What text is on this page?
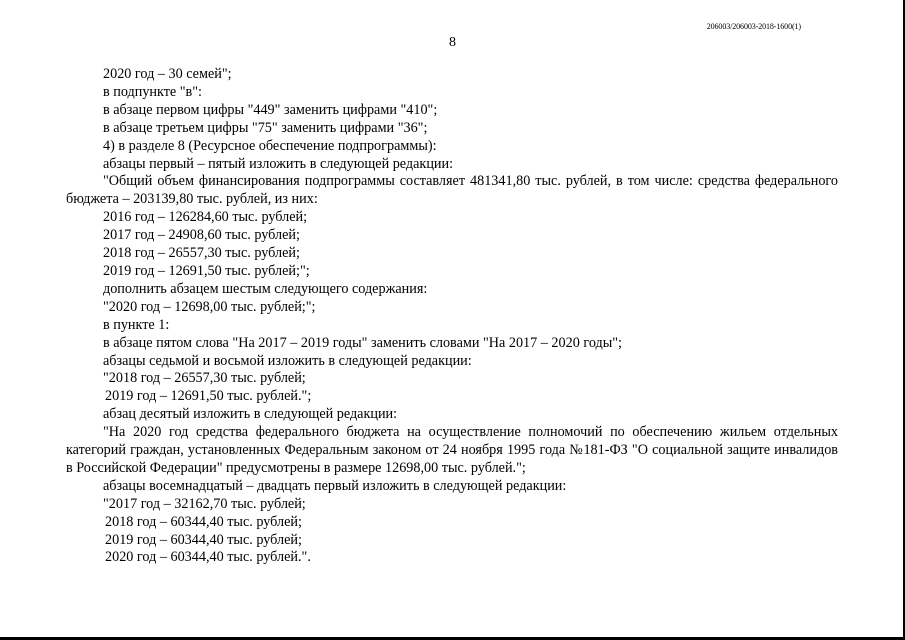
206003/206003-2018-1600(1)
8

2020 год – 30 семей";

в подпункте "в":

в абзаце первом цифры "449" заменить цифрами "410";

в абзаце третьем цифры "75" заменить цифрами "36";

4) в разделе 8 (Ресурсное обеспечение подпрограммы):

абзацы первый – пятый изложить в следующей редакции:

"Общий объем финансирования подпрограммы составляет 481341,80 тыс. рублей, в том числе: средства федерального бюджета – 203139,80 тыс. рублей, из них:

2016 год – 126284,60 тыс. рублей;

2017 год – 24908,60 тыс. рублей;

2018 год – 26557,30 тыс. рублей;

2019 год – 12691,50 тыс. рублей;";

дополнить абзацем шестым следующего содержания:

"2020 год – 12698,00 тыс. рублей;";

в пункте 1:

в абзаце пятом слова "На 2017 – 2019 годы" заменить словами "На 2017 – 2020 годы";

абзацы седьмой и восьмой изложить в следующей редакции:

"2018 год – 26557,30 тыс. рублей;

2019 год – 12691,50 тыс. рублей.";

абзац десятый изложить в следующей редакции:

"На 2020 год средства федерального бюджета на осуществление полномочий по обеспечению жильем отдельных категорий граждан, установленных Федеральным законом от 24 ноября 1995 года №181-ФЗ "О социальной защите инвалидов в Российской Федерации" предусмотрены в размере 12698,00 тыс. рублей.";

абзацы восемнадцатый – двадцать первый изложить в следующей редакции:

"2017 год – 32162,70 тыс. рублей;

2018 год – 60344,40 тыс. рублей;

2019 год – 60344,40 тыс. рублей;

2020 год – 60344,40 тыс. рублей.".
